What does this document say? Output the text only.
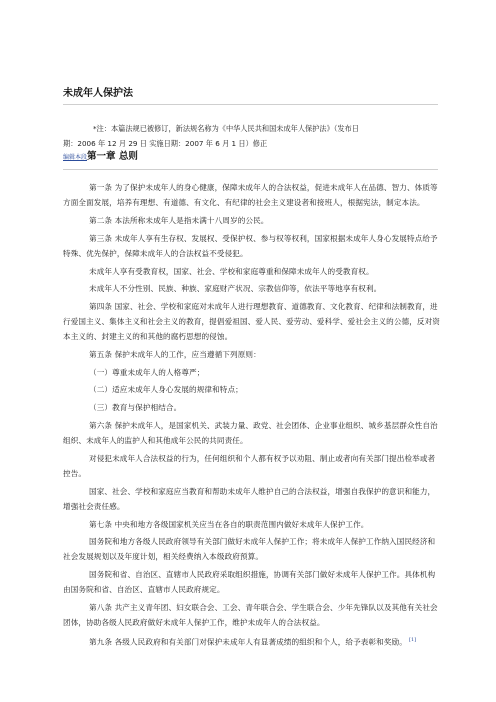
未成年人保护法
*注：本篇法规已被修订，新法规名称为《中华人民共和国未成年人保护法》（发布日
期：2006 年 12 月 29 日 实施日期：2007 年 6 月 1 日）修正
编辑本段第一章 总则

第一条 为了保护未成年人的身心健康，保障未成年人的合法权益，促进未成年人在品德、智力、体质等方面全面发展，培养有理想、有道德、有文化、有纪律的社会主义建设者和接班人，根据宪法，制定本法。

第二条 本法所称未成年人是指未满十八周岁的公民。

第三条 未成年人享有生存权、发展权、受保护权、参与权等权利，国家根据未成年人身心发展特点给予特殊、优先保护，保障未成年人的合法权益不受侵犯。

未成年人享有受教育权，国家、社会、学校和家庭尊重和保障未成年人的受教育权。

未成年人不分性别、民族、种族、家庭财产状况、宗教信仰等，依法平等地享有权利。

第四条 国家、社会、学校和家庭对未成年人进行理想教育、道德教育、文化教育、纪律和法制教育，进行爱国主义、集体主义和社会主义的教育，提倡爱祖国、爱人民、爱劳动、爱科学、爱社会主义的公德，反对资本主义的、封建主义的和其他的腐朽思想的侵蚀。

第五条 保护未成年人的工作，应当遵循下列原则：

（一）尊重未成年人的人格尊严；

（二）适应未成年人身心发展的规律和特点；

（三）教育与保护相结合。

第六条 保护未成年人，是国家机关、武装力量、政党、社会团体、企业事业组织、城乡基层群众性自治组织、未成年人的监护人和其他成年公民的共同责任。

对侵犯未成年人合法权益的行为，任何组织和个人都有权予以劝阻、制止或者向有关部门提出检举或者控告。

国家、社会、学校和家庭应当教育和帮助未成年人维护自己的合法权益，增强自我保护的意识和能力，增强社会责任感。

第七条 中央和地方各级国家机关应当在各自的职责范围内做好未成年人保护工作。

国务院和地方各级人民政府领导有关部门做好未成年人保护工作；将未成年人保护工作纳入国民经济和社会发展规划以及年度计划，相关经费纳入本级政府预算。

国务院和省、自治区、直辖市人民政府采取组织措施，协调有关部门做好未成年人保护工作。具体机构由国务院和省、自治区、直辖市人民政府规定。

第八条 共产主义青年团、妇女联合会、工会、青年联合会、学生联合会、少年先锋队以及其他有关社会团体，协助各级人民政府做好未成年人保护工作，维护未成年人的合法权益。

第九条 各级人民政府和有关部门对保护未成年人有显著成绩的组织和个人，给予表彰和奖励。 [1]
